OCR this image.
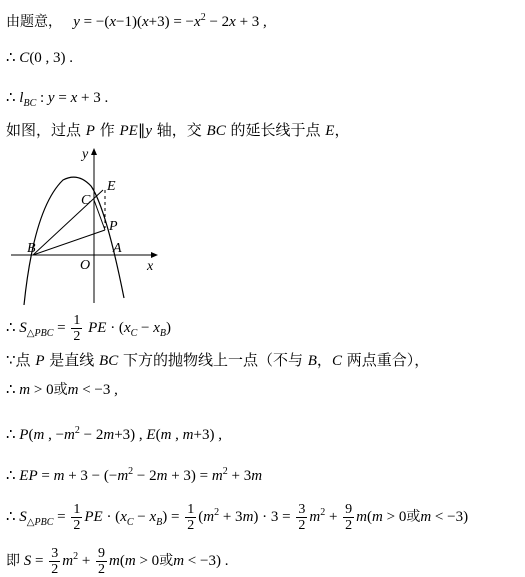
由题意， $y = -(x-1)(x+3) = -x^2 - 2x + 3$ ,
∴ C(0 , 3) .
∴ $l_{BC}$ : y = x + 3 .
如图，过点 P 作 PE∥y 轴，交 BC 的延长线于点 E，
y
x
O
A
B
C
E
P
∴ $S_{\triangle PBC} = \frac{1}{2}$ PE · $(x_C - x_B)$
∵点 P 是直线 BC 下方的抛物线上一点（不与 B，C 两点重合），
∴ m > 0或m < −3 ,
∴ P(m , $-m^2 - 2m+3$) , E(m , m+3) ,
∴ EP = $m + 3 - (-m^2 - 2m + 3) = m^2 + 3m$
∴ $S_{\triangle PBC} = \frac{1}{2}$ PE · $(x_C - x_B) = \frac{1}{2} (m^2 + 3m) \cdot 3 = \frac{3}{2} m^2 + \frac{9}{2} m(m > 0$或m < −3)
即 $S = \frac{3}{2} m^2 + \frac{9}{2} m(m > 0$或m < −3) .
